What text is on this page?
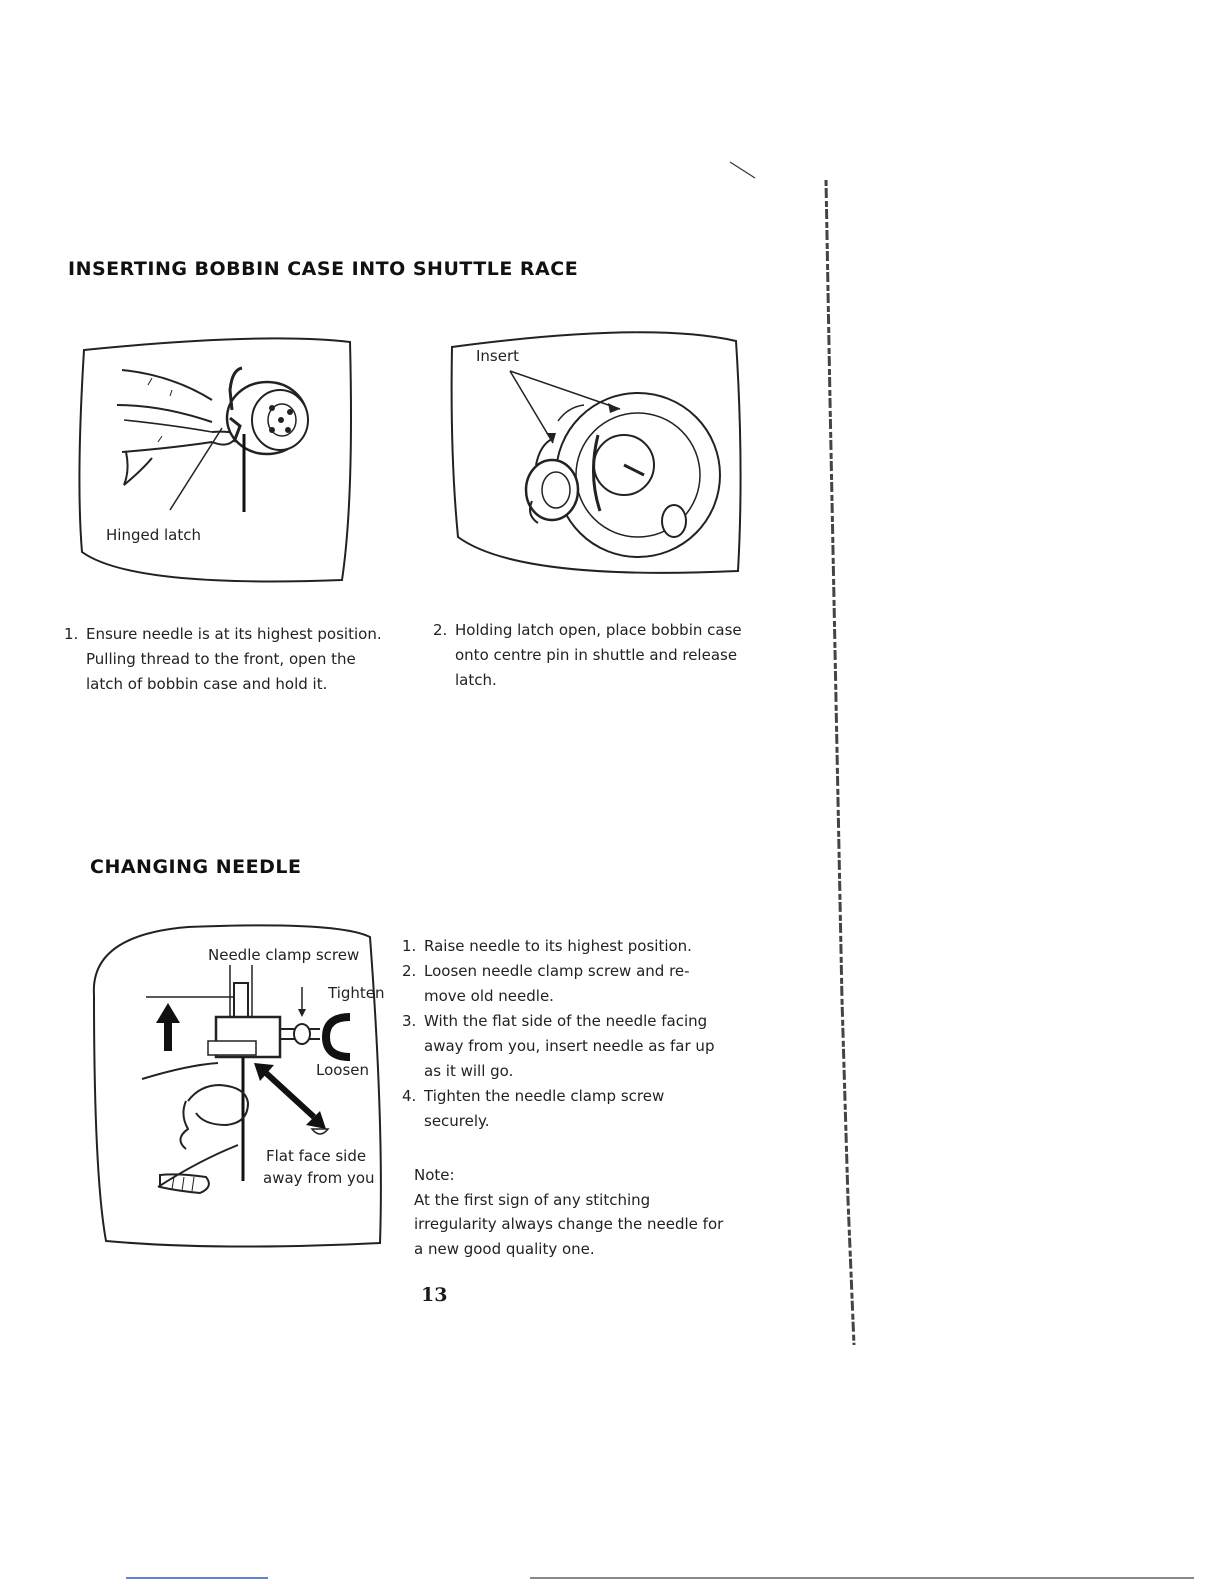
INSERTING BOBBIN CASE INTO SHUTTLE RACE
Hinged latch
Insert
1. Ensure needle is at its highest position.
Pulling thread to the front, open the
latch of bobbin case and hold it.
2. Holding latch open, place bobbin case
onto centre pin in shuttle and release
latch.
CHANGING NEEDLE
Needle clamp screw
Tighten
Loosen
Flat face side
away from you
1. Raise needle to its highest position.
2. Loosen needle clamp screw and re-
move old needle.
3. With the flat side of the needle facing
away from you, insert needle as far up
as it will go.
4. Tighten the needle clamp screw
securely.
Note:
At the first sign of any stitching
irregularity always change the needle for
a new good quality one.
13
